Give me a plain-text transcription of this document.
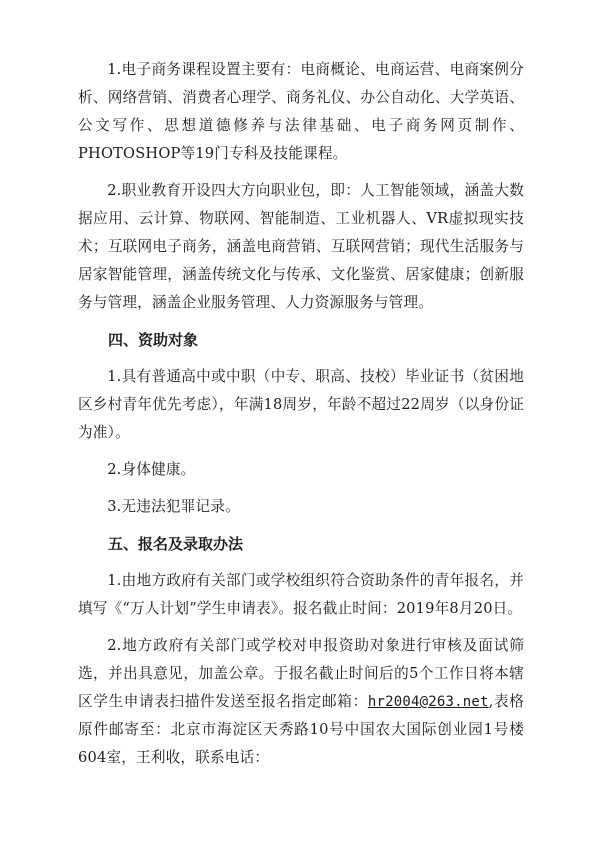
1.电子商务课程设置主要有：电商概论、电商运营、电商案例分析、网络营销、消费者心理学、商务礼仪、办公自动化、大学英语、公文写作、思想道德修养与法律基础、电子商务网页制作、PHOTOSHOP等19门专科及技能课程。

2.职业教育开设四大方向职业包，即：人工智能领域，涵盖大数据应用、云计算、物联网、智能制造、工业机器人、VR虚拟现实技术；互联网电子商务，涵盖电商营销、互联网营销；现代生活服务与居家智能管理，涵盖传统文化与传承、文化鉴赏、居家健康；创新服务与管理，涵盖企业服务管理、人力资源服务与管理。

四、资助对象

1.具有普通高中或中职（中专、职高、技校）毕业证书（贫困地区乡村青年优先考虑），年满18周岁，年龄不超过22周岁（以身份证为准）。

2.身体健康。

3.无违法犯罪记录。

五、报名及录取办法

1.由地方政府有关部门或学校组织符合资助条件的青年报名，并填写《“万人计划”学生申请表》。报名截止时间：2019年8月20日。

2.地方政府有关部门或学校对申报资助对象进行审核及面试筛选，并出具意见，加盖公章。于报名截止时间后的5个工作日将本辖区学生申请表扫描件发送至报名指定邮箱：hr2004@263.net,表格原件邮寄至：北京市海淀区天秀路10号中国农大国际创业园1号楼604室，王利收，联系电话：
